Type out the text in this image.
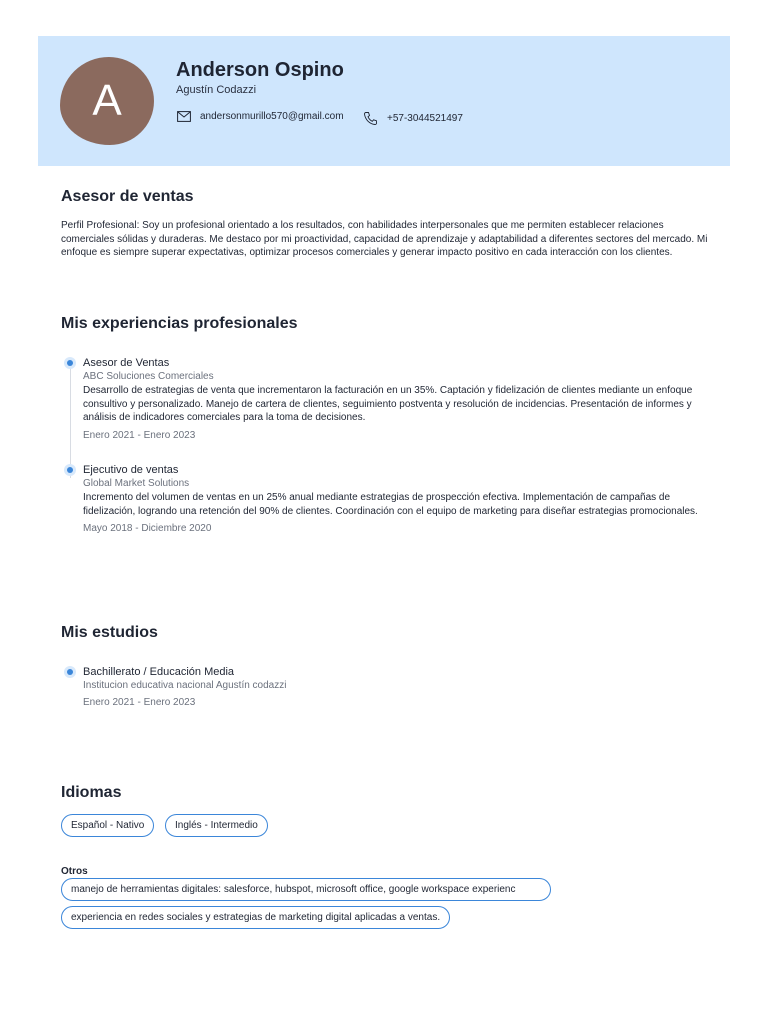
A
Anderson Ospino
Agustín Codazzi
andersonmurillo570@gmail.com	+57-3044521497
Asesor de ventas
Perfil Profesional: Soy un profesional orientado a los resultados, con habilidades interpersonales que me permiten establecer relaciones comerciales sólidas y duraderas. Me destaco por mi proactividad, capacidad de aprendizaje y adaptabilidad a diferentes sectores del mercado. Mi enfoque es siempre superar expectativas, optimizar procesos comerciales y generar impacto positivo en cada interacción con los clientes.
Mis experiencias profesionales
Asesor de Ventas
ABC Soluciones Comerciales
Desarrollo de estrategias de venta que incrementaron la facturación en un 35%. Captación y fidelización de clientes mediante un enfoque consultivo y personalizado. Manejo de cartera de clientes, seguimiento postventa y resolución de incidencias. Presentación de informes y análisis de indicadores comerciales para la toma de decisiones.
Enero 2021 - Enero 2023
Ejecutivo de ventas
Global Market Solutions
Incremento del volumen de ventas en un 25% anual mediante estrategias de prospección efectiva. Implementación de campañas de fidelización, logrando una retención del 90% de clientes. Coordinación con el equipo de marketing para diseñar estrategias promocionales.
Mayo 2018 - Diciembre 2020
Mis estudios
Bachillerato / Educación Media
Institucion educativa nacional Agustín codazzi
Enero 2021 - Enero 2023
Idiomas
Español - Nativo	Inglés - Intermedio
Otros
manejo de herramientas digitales: salesforce, hubspot, microsoft office, google workspace experienc
experiencia en redes sociales y estrategias de marketing digital aplicadas a ventas.
